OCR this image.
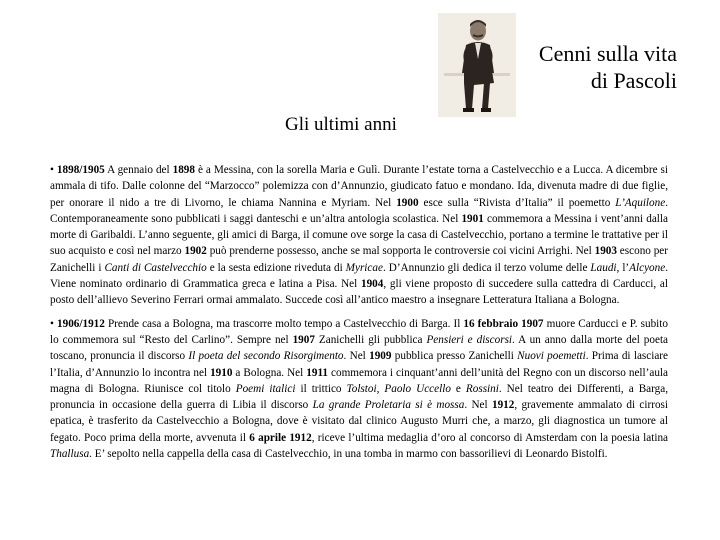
Cenni sulla vita
di Pascoli
Gli ultimi anni

• 1898/1905 A gennaio del 1898 è a Messina, con la sorella Maria e Gulì. Durante l’estate torna a Castelvecchio e a Lucca. A dicembre si ammala di tifo. Dalle colonne del “Marzocco” polemizza con d’Annunzio, giudicato fatuo e mondano. Ida, divenuta madre di due figlie, per onorare il nido a tre di Livorno, le chiama Nannina e Myriam. Nel 1900 esce sulla “Rivista d’Italia” il poemetto L’Aquilone. Contemporaneamente sono pubblicati i saggi danteschi e un’altra antologia scolastica. Nel 1901 commemora a Messina i vent’anni dalla morte di Garibaldi. L’anno seguente, gli amici di Barga, il comune ove sorge la casa di Castelvecchio, portano a termine le trattative per il suo acquisto e così nel marzo 1902 può prenderne possesso, anche se mal sopporta le controversie coi vicini Arrighi. Nel 1903 escono per Zanichelli i Canti di Castelvecchio e la sesta edizione riveduta di Myricae. D’Annunzio gli dedica il terzo volume delle Laudi, l’Alcyone. Viene nominato ordinario di Grammatica greca e latina a Pisa. Nel 1904, gli viene proposto di succedere sulla cattedra di Carducci, al posto dell’allievo Severino Ferrari ormai ammalato. Succede così all’antico maestro a insegnare Letteratura Italiana a Bologna.

• 1906/1912 Prende casa a Bologna, ma trascorre molto tempo a Castelvecchio di Barga. Il 16 febbraio 1907 muore Carducci e P. subito lo commemora sul “Resto del Carlino”. Sempre nel 1907 Zanichelli gli pubblica Pensieri e discorsi. A un anno dalla morte del poeta toscano, pronuncia il discorso Il poeta del secondo Risorgimento. Nel 1909 pubblica presso Zanichelli Nuovi poemetti. Prima di lasciare l’Italia, d’Annunzio lo incontra nel 1910 a Bologna. Nel 1911 commemora i cinquant’anni dell’unità del Regno con un discorso nell’aula magna di Bologna. Riunisce col titolo Poemi italici il trittico Tolstoi, Paolo Uccello e Rossini. Nel teatro dei Differenti, a Barga, pronuncia in occasione della guerra di Libia il discorso La grande Proletaria si è mossa. Nel 1912, gravemente ammalato di cirrosi epatica, è trasferito da Castelvecchio a Bologna, dove è visitato dal clinico Augusto Murri che, a marzo, gli diagnostica un tumore al fegato. Poco prima della morte, avvenuta il 6 aprile 1912, riceve l’ultima medaglia d’oro al concorso di Amsterdam con la poesia latina Thallusa. E’ sepolto nella cappella della casa di Castelvecchio, in una tomba in marmo con bassorilievi di Leonardo Bistolfi.
